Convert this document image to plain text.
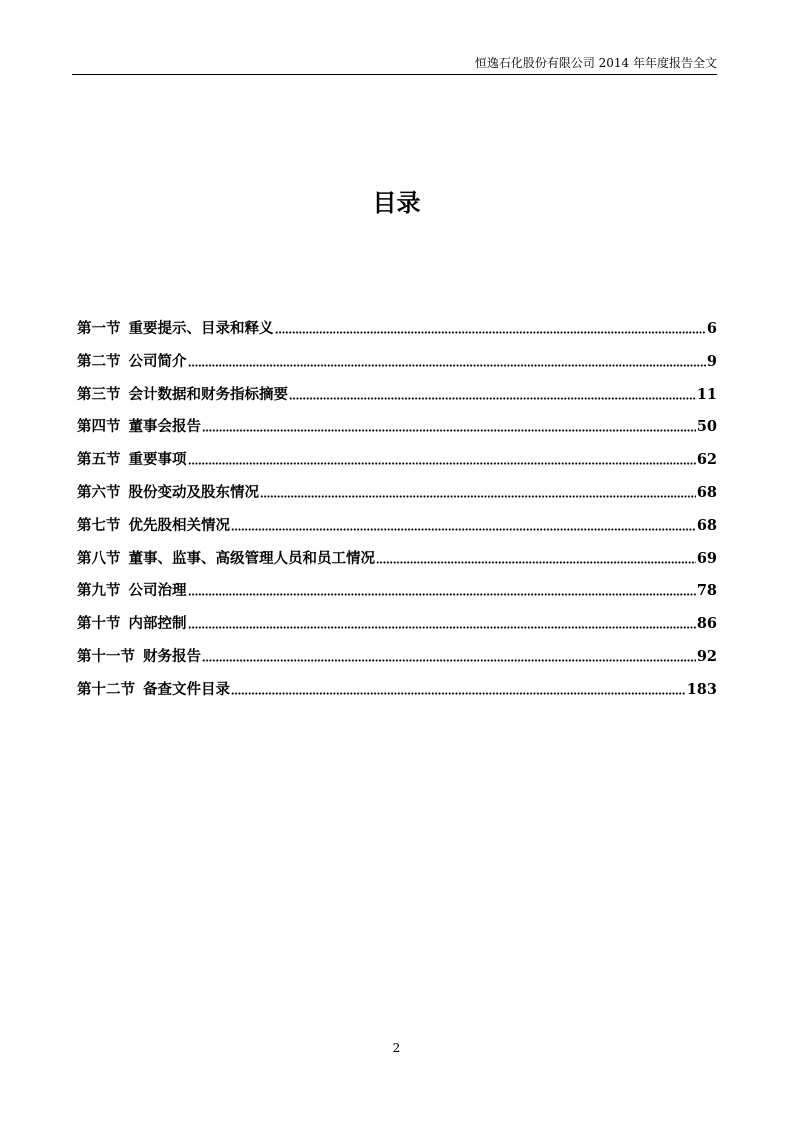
恒逸石化股份有限公司 2014 年年度报告全文
目录
第一节 重要提示、目录和释义	6
第二节 公司简介	9
第三节 会计数据和财务指标摘要	11
第四节 董事会报告	50
第五节 重要事项	62
第六节 股份变动及股东情况	68
第七节 优先股相关情况	68
第八节 董事、监事、高级管理人员和员工情况	69
第九节 公司治理	78
第十节 内部控制	86
第十一节 财务报告	92
第十二节 备查文件目录	183
2
